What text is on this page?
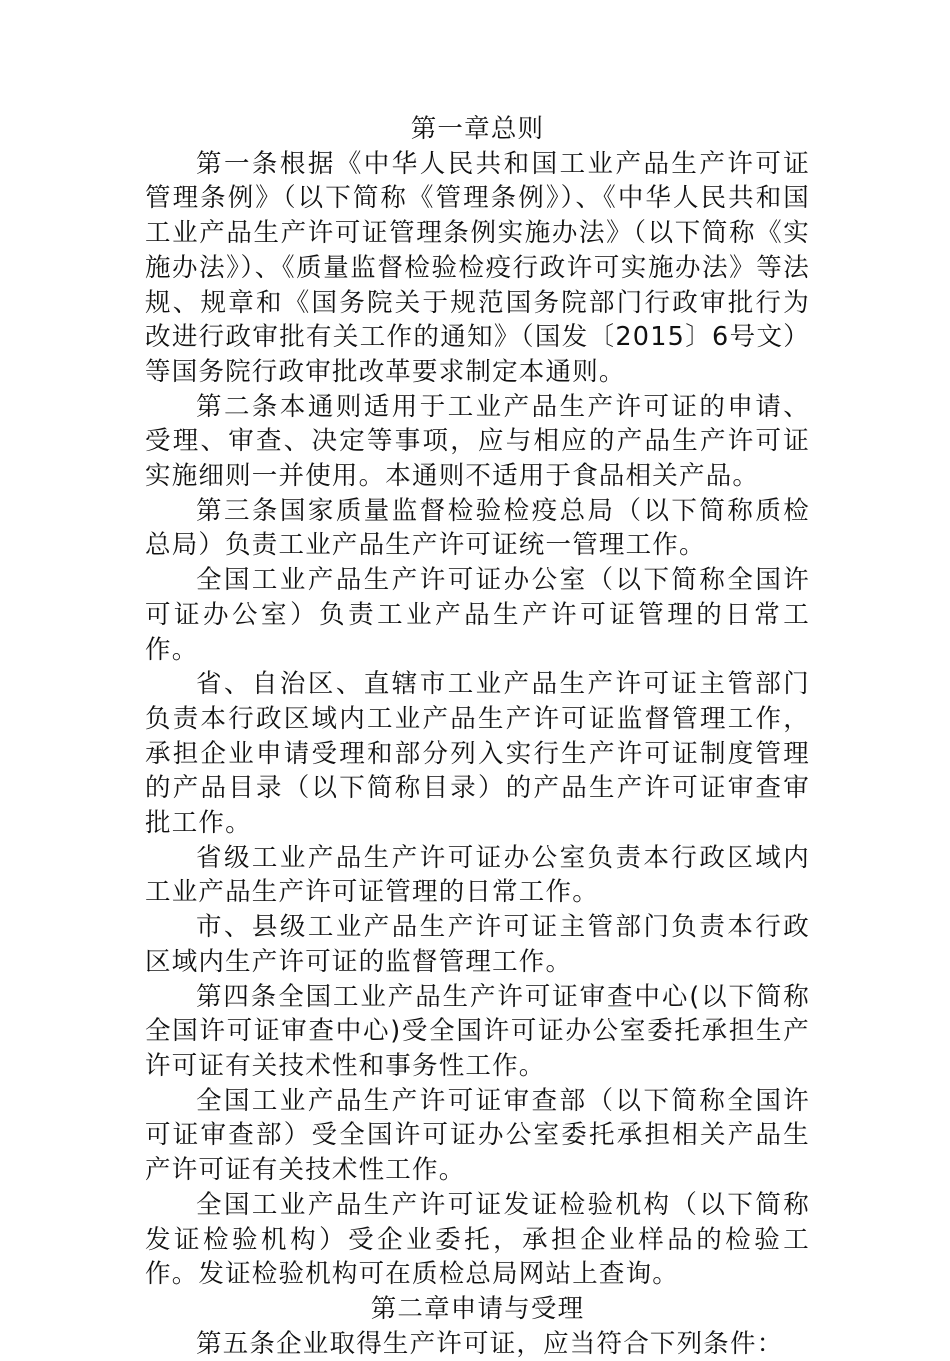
第一章总则

第一条根据《中华人民共和国工业产品生产许可证管理条例》（以下简称《管理条例》）、《中华人民共和国工业产品生产许可证管理条例实施办法》（以下简称《实施办法》）、《质量监督检验检疫行政许可实施办法》等法规、规章和《国务院关于规范国务院部门行政审批行为改进行政审批有关工作的通知》（国发〔2015〕6号文）等国务院行政审批改革要求制定本通则。

第二条本通则适用于工业产品生产许可证的申请、受理、审查、决定等事项，应与相应的产品生产许可证实施细则一并使用。本通则不适用于食品相关产品。

第三条国家质量监督检验检疫总局（以下简称质检总局）负责工业产品生产许可证统一管理工作。

全国工业产品生产许可证办公室（以下简称全国许可证办公室）负责工业产品生产许可证管理的日常工作。

省、自治区、直辖市工业产品生产许可证主管部门负责本行政区域内工业产品生产许可证监督管理工作，承担企业申请受理和部分列入实行生产许可证制度管理的产品目录（以下简称目录）的产品生产许可证审查审批工作。

省级工业产品生产许可证办公室负责本行政区域内工业产品生产许可证管理的日常工作。

市、县级工业产品生产许可证主管部门负责本行政区域内生产许可证的监督管理工作。

第四条全国工业产品生产许可证审查中心(以下简称全国许可证审查中心)受全国许可证办公室委托承担生产许可证有关技术性和事务性工作。

全国工业产品生产许可证审查部（以下简称全国许可证审查部）受全国许可证办公室委托承担相关产品生产许可证有关技术性工作。

全国工业产品生产许可证发证检验机构（以下简称发证检验机构）受企业委托，承担企业样品的检验工作。发证检验机构可在质检总局网站上查询。

第二章申请与受理

第五条企业取得生产许可证，应当符合下列条件：
